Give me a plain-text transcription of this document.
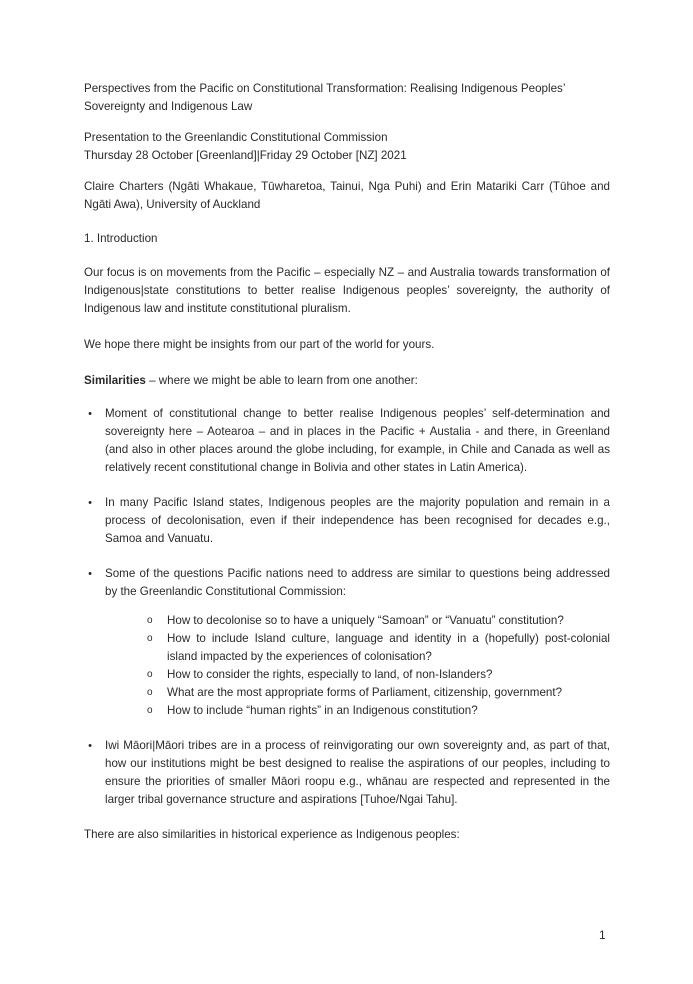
Perspectives from the Pacific on Constitutional Transformation: Realising Indigenous Peoples’ Sovereignty and Indigenous Law

Presentation to the Greenlandic Constitutional Commission

Thursday 28 October [Greenland]|Friday 29 October [NZ] 2021

Claire Charters (Ngāti Whakaue, Tūwharetoa, Tainui, Nga Puhi) and Erin Matariki Carr (Tūhoe and Ngāti Awa), University of Auckland

1. Introduction

Our focus is on movements from the Pacific – especially NZ – and Australia towards transformation of Indigenous|state constitutions to better realise Indigenous peoples’ sovereignty, the authority of Indigenous law and institute constitutional pluralism.

We hope there might be insights from our part of the world for yours.

Similarities – where we might be able to learn from one another:

• Moment of constitutional change to better realise Indigenous peoples’ self-determination and sovereignty here – Aotearoa – and in places in the Pacific + Austalia - and there, in Greenland (and also in other places around the globe including, for example, in Chile and Canada as well as relatively recent constitutional change in Bolivia and other states in Latin America).
• In many Pacific Island states, Indigenous peoples are the majority population and remain in a process of decolonisation, even if their independence has been recognised for decades e.g., Samoa and Vanuatu.
• Some of the questions Pacific nations need to address are similar to questions being addressed by the Greenlandic Constitutional Commission:
o How to decolonise so to have a uniquely “Samoan” or “Vanuatu” constitution?
o How to include Island culture, language and identity in a (hopefully) post-colonial island impacted by the experiences of colonisation?
o How to consider the rights, especially to land, of non-Islanders?
o What are the most appropriate forms of Parliament, citizenship, government?
o How to include “human rights” in an Indigenous constitution?
• Iwi Māori|Māori tribes are in a process of reinvigorating our own sovereignty and, as part of that, how our institutions might be best designed to realise the aspirations of our peoples, including to ensure the priorities of smaller Māori roopu e.g., whānau are respected and represented in the larger tribal governance structure and aspirations [Tuhoe/Ngai Tahu].

There are also similarities in historical experience as Indigenous peoples:

1
